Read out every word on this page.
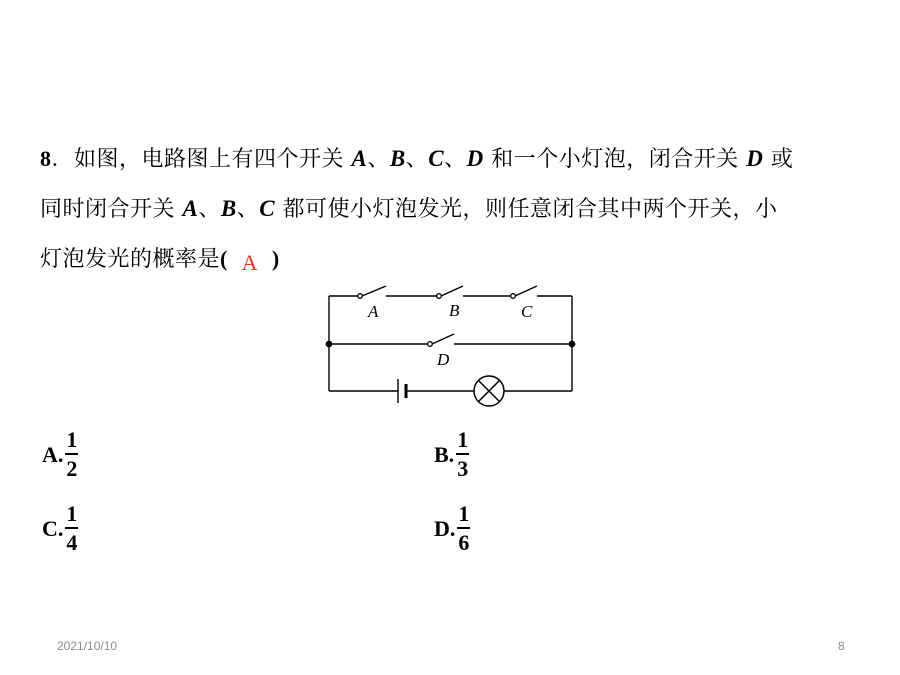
8．如图，电路图上有四个开关 A、B、C、D 和一个小灯泡，闭合开关 D 或
同时闭合开关 A、B、C 都可使小灯泡发光，则任意闭合其中两个开关，小
灯泡发光的概率是( A )
A	B	C
D
A. $\frac{1}{2}$	B. $\frac{1}{3}$
C. $\frac{1}{4}$	D. $\frac{1}{6}$
2021/10/10	8
